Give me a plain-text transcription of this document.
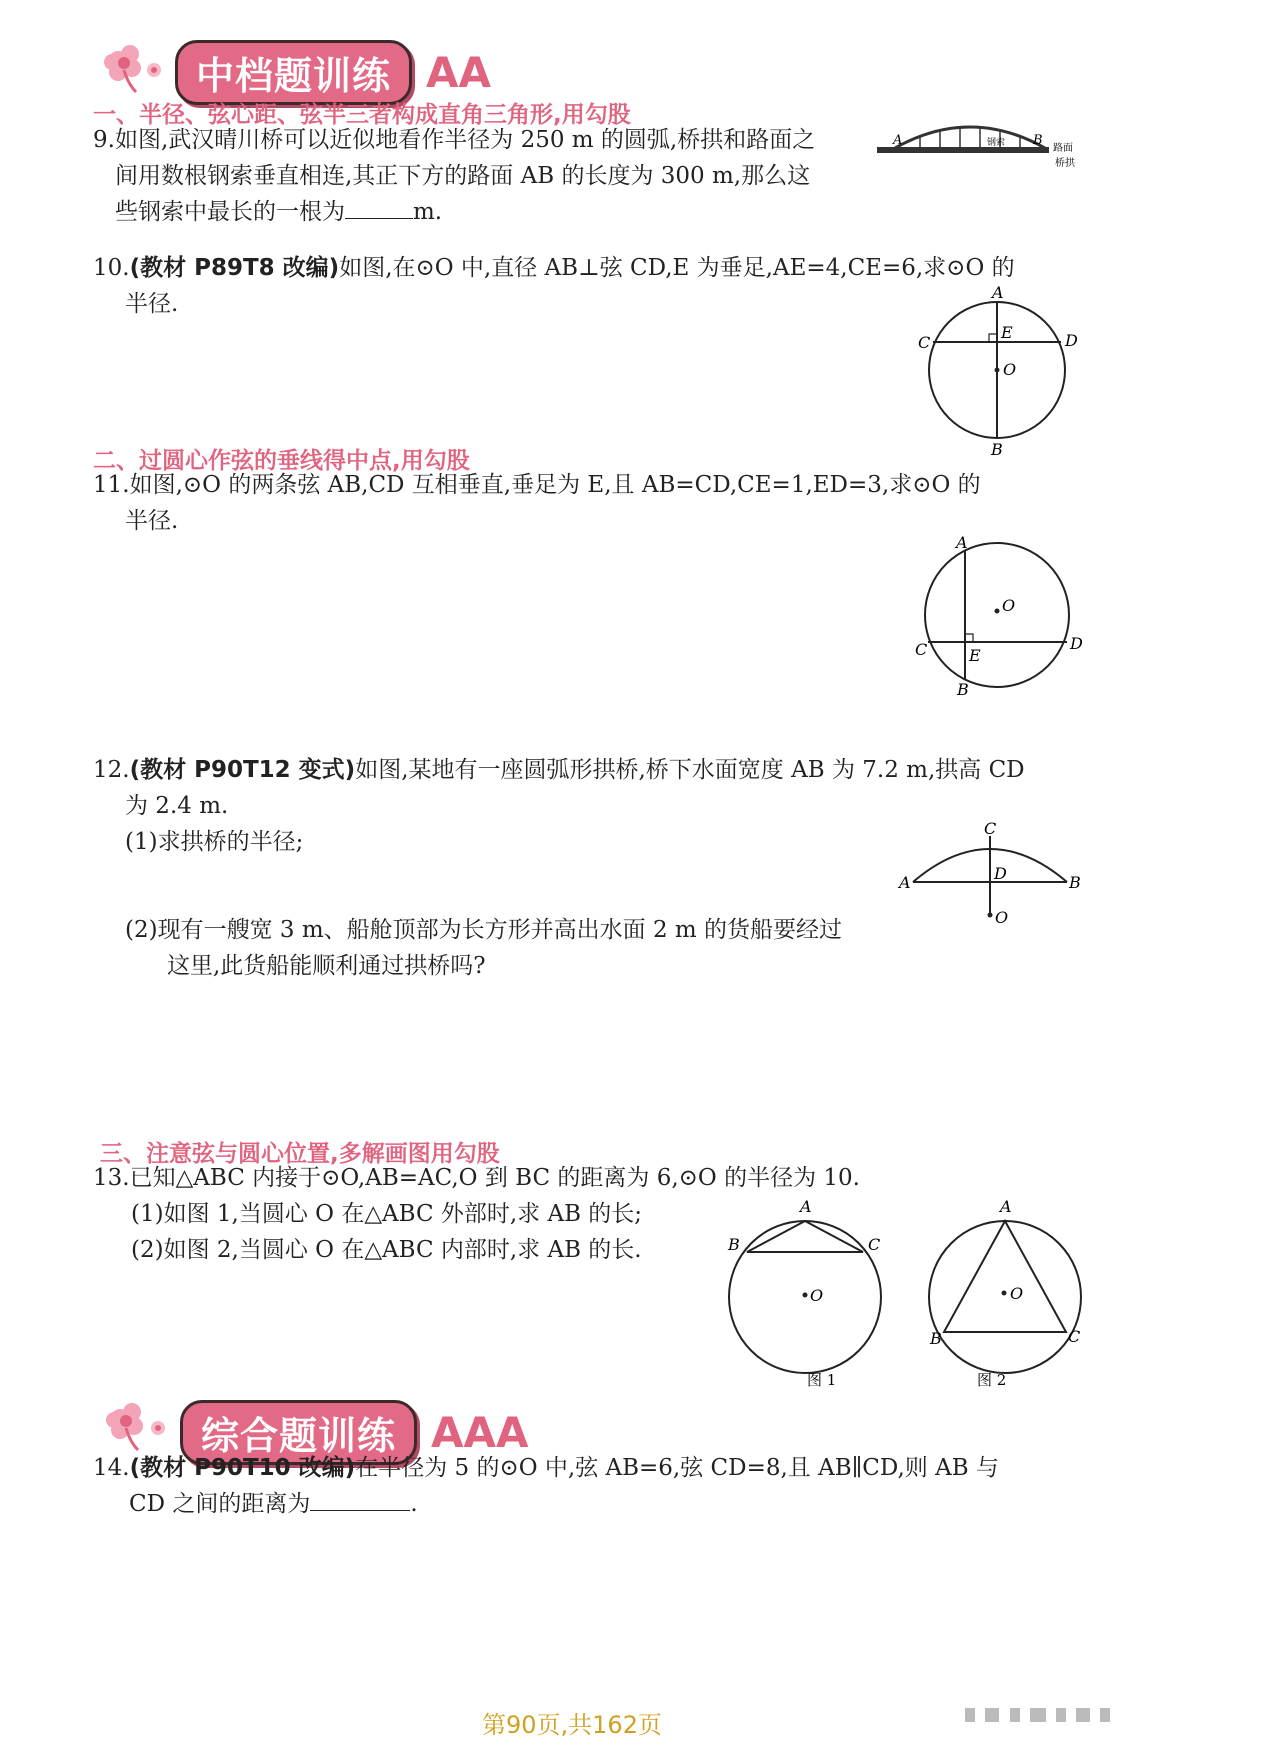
中档题训练 AA
一、半径、弦心距、弦半三者构成直角三角形,用勾股
9.如图,武汉晴川桥可以近似地看作半径为 250 m 的圆弧,桥拱和路面之
间用数根钢索垂直相连,其正下方的路面 AB 的长度为 300 m,那么这
些钢索中最长的一根为	m.
A	B
钢索	路面
桥拱
10.(教材 P89T8 改编)如图,在⊙O 中,直径 AB⊥弦 CD,E 为垂足,AE=4,CE=6,求⊙O 的
半径.	A
B
C	D
E
O
二、过圆心作弦的垂线得中点,用勾股
11.如图,⊙O 的两条弦 AB,CD 互相垂直,垂足为 E,且 AB=CD,CE=1,ED=3,求⊙O 的
半径.
A
B
C	D
E
O
12.(教材 P90T12 变式)如图,某地有一座圆弧形拱桥,桥下水面宽度 AB 为 7.2 m,拱高 CD
为 2.4 m.
(1)求拱桥的半径;
(2)现有一艘宽 3 m、船舱顶部为长方形并高出水面 2 m 的货船要经过
这里,此货船能顺利通过拱桥吗?
C
A	B
D
O
三、注意弦与圆心位置,多解画图用勾股
13.已知△ABC 内接于⊙O,AB=AC,O 到 BC 的距离为 6,⊙O 的半径为 10.
(1)如图 1,当圆心 O 在△ABC 外部时,求 AB 的长;
(2)如图 2,当圆心 O 在△ABC 内部时,求 AB 的长.
A
B	C
O
图 1
A
B	C
O
图 2
综合题训练 AAA
14.(教材 P90T10 改编)在半径为 5 的⊙O 中,弦 AB=6,弦 CD=8,且 AB∥CD,则 AB 与
CD 之间的距离为	.
第90页,共162页
